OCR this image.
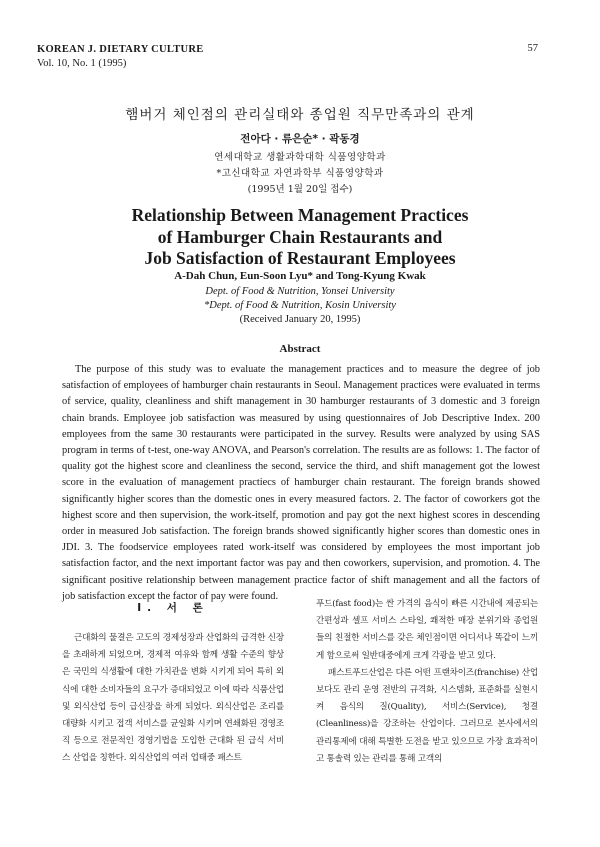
KOREAN J. DIETARY CULTURE
Vol. 10, No. 1 (1995)
57
햄버거 체인점의 관리실태와 종업원 직무만족과의 관계
전아다 · 류은순* · 곽동경
연세대학교 생활과학대학 식품영양학과
*고신대학교 자연과학부 식품영양학과
(1995년 1월 20일 접수)
Relationship Between Management Practices
of Hamburger Chain Restaurants and
Job Satisfaction of Restaurant Employees
A-Dah Chun, Eun-Soon Lyu* and Tong-Kyung Kwak
Dept. of Food & Nutrition, Yonsei University
*Dept. of Food & Nutrition, Kosin University
(Received January 20, 1995)
Abstract

The purpose of this study was to evaluate the management practices and to measure the degree of job satisfaction of employees of hamburger chain restaurants in Seoul. Management practices were evaluated in terms of service, quality, cleanliness and shift management in 30 hamburger restaurants of 3 domestic and 3 foreign chain brands. Employee job satisfaction was measured by using questionnaires of Job Descriptive Index. 200 employees from the same 30 restaurants were participated in the survey. Results were analyzed by using SAS program in terms of t-test, one-way ANOVA, and Pearson's correlation. The results are as follows: 1. The factor of quality got the highest score and cleanliness the second, service the third, and shift management got the lowest score in the evaluation of management practiecs of hamburger chain restaurant. The foreign brands showed significantly higher scores than the domestic ones in every measured factors. 2. The factor of coworkers got the highest score and then supervision, the work-itself, promotion and pay got the next highest scores in descending order in measured Job satisfaction. The foreign brands showed significantly higher scores than domestic ones in JDI. 3. The foodservice employees rated work-itself was considered by employees the most important job satisfaction factor, and the next important factor was pay and then coworkers, supervision, and promotion. 4. The significant positive relationship between management practice factor of shift management and all the factors of job satisfaction except the factor of pay were found.

I. 서 론

근대화의 물결은 고도의 경제성장과 산업화의 급격한 신장을 초래하게 되었으며, 경제적 여유와 함께 생활 수준의 향상은 국민의 식생활에 대한 가치관을 변화 시키게 되어 특히 외식에 대한 소비자들의 요구가 증대되었고 이에 따라 식품산업 및 외식산업 등이 급신장을 하게 되었다. 외식산업은 조리를 대량화 시키고 접객 서비스를 균일화 시키며 연쇄화된 경영조직 등으로 전문적인 경영기법을 도입한 근대화 된 급식 서비스 산업을 칭한다. 외식산업의 여러 업태중 패스트

푸드(fast food)는 싼 가격의 음식이 빠른 시간내에 제공되는 간편성과 셀프 서비스 스타일, 쾌적한 매장 분위기와 종업원들의 친절한 서비스를 갖은 체인점이면 어디서나 똑같이 느끼게 함으로써 일반대중에게 크게 각광을 받고 있다.

패스트푸드산업은 다른 어떤 프랜차이즈(franchise) 산업보다도 관리 운영 전반의 규격화, 시스템화, 표준화를 실현시켜 음식의 질(Quality), 서비스(Service), 청결(Cleanliness)을 강조하는 산업이다. 그러므로 본사에서의 관리통제에 대해 특별한 도전을 받고 있으므로 가장 효과적이고 통솔력 있는 관리를 통해 고객의
